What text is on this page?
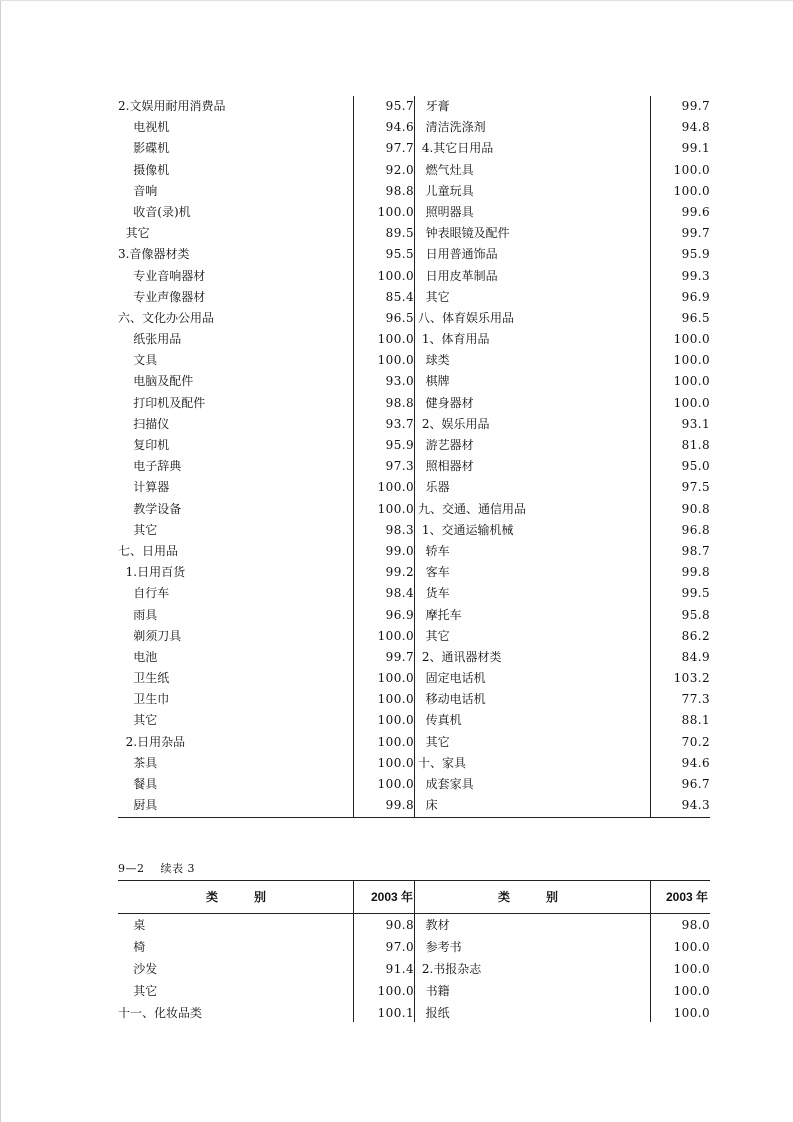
2.文娱用耐用消费品	95.7 牙膏	99.7
电视机	94.6 清洁洗涤剂	94.8
影碟机	97.7 4.其它日用品	99.1
摄像机	92.0 燃气灶具	100.0
音响	98.8 儿童玩具	100.0
收音(录)机	100.0 照明器具	99.6
其它	89.5 钟表眼镜及配件	99.7
3.音像器材类	95.5 日用普通饰品	95.9
专业音响器材	100.0 日用皮革制品	99.3
专业声像器材	85.4 其它	96.9
六、文化办公用品	96.5 八、体育娱乐用品	96.5
纸张用品	100.0 1、体育用品	100.0
文具	100.0 球类	100.0
电脑及配件	93.0 棋牌	100.0
打印机及配件	98.8 健身器材	100.0
扫描仪	93.7 2、娱乐用品	93.1
复印机	95.9 游艺器材	81.8
电子辞典	97.3 照相器材	95.0
计算器	100.0 乐器	97.5
教学设备	100.0 九、交通、通信用品	90.8
其它	98.3 1、交通运输机械	96.8
七、日用品	99.0 轿车	98.7
1.日用百货	99.2 客车	99.8
自行车	98.4 货车	99.5
雨具	96.9 摩托车	95.8
剃须刀具	100.0 其它	86.2
电池	99.7 2、通讯器材类	84.9
卫生纸	100.0 固定电话机	103.2
卫生巾	100.0 移动电话机	77.3
其它	100.0 传真机	88.1
2.日用杂品	100.0 其它	70.2
茶具	100.0 十、家具	94.6
餐具	100.0 成套家具	96.7
厨具	99.8 床	94.3
9—2 续表 3
类别	2003 年	类别	2003 年
桌	90.8 教材	98.0
椅	97.0 参考书	100.0
沙发	91.4 2.书报杂志	100.0
其它	100.0 书籍	100.0
十一、化妆品类	100.1 报纸	100.0
